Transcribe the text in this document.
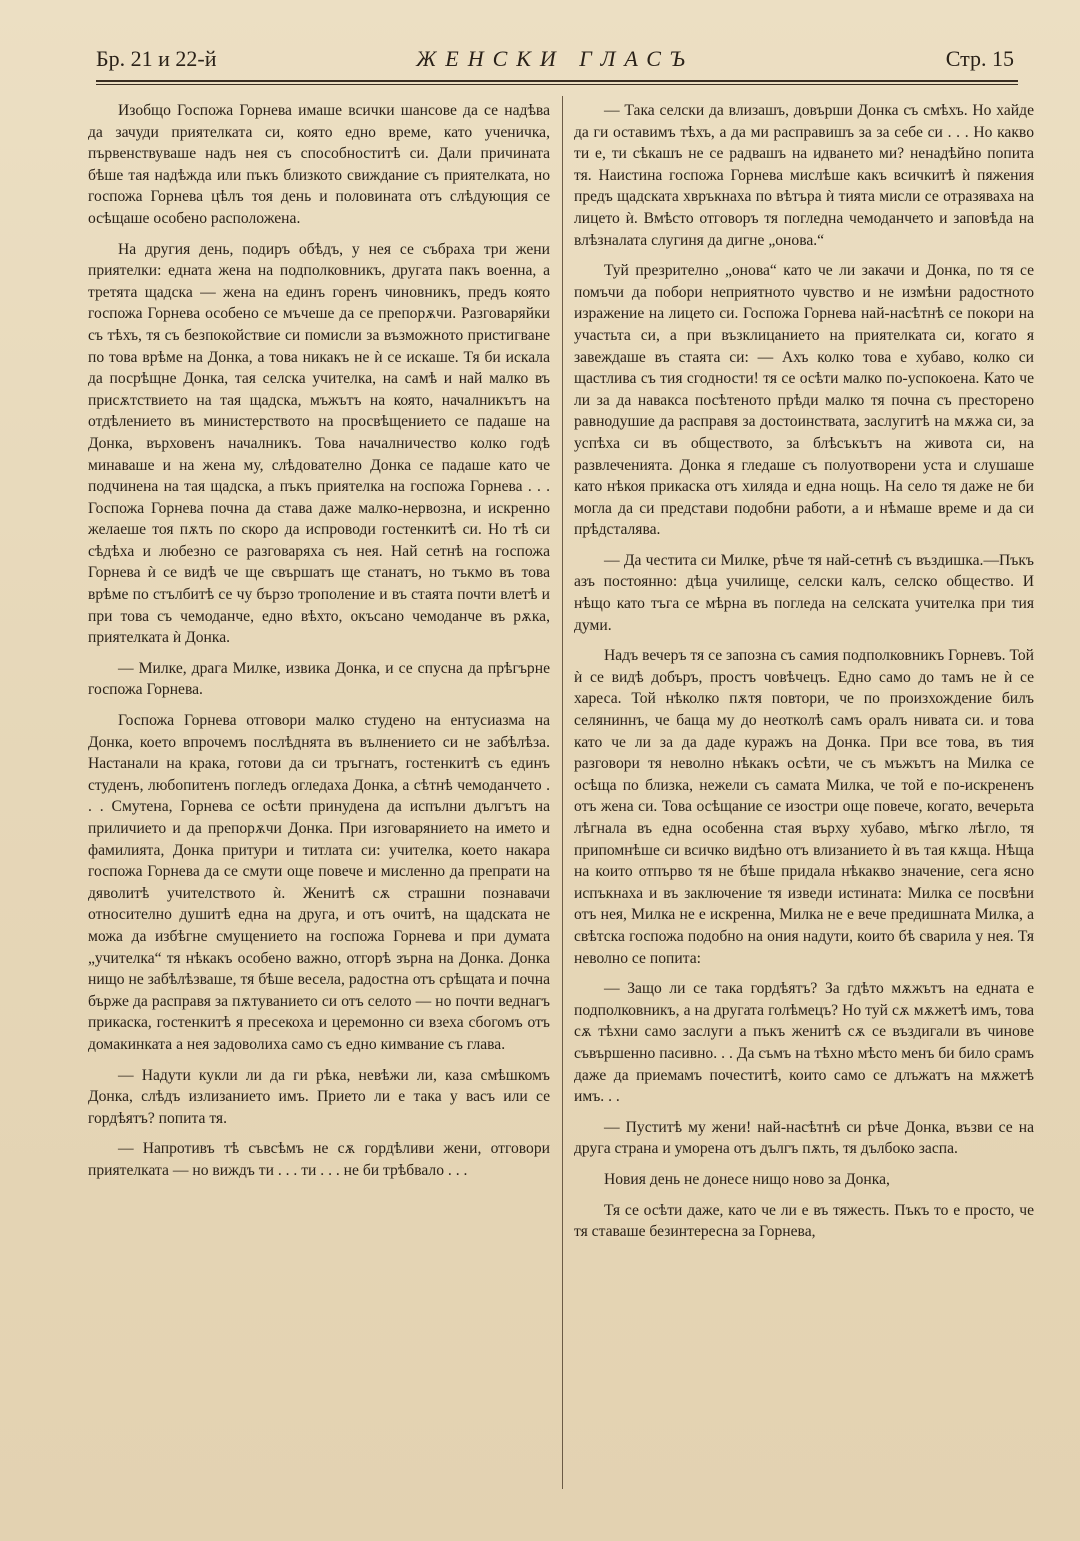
Бр. 21 и 22-й	ЖЕНСКИ ГЛАСЪ	Стр. 15

Изобщо Госпожа Горнева имаше всички шансове да се надѣва да зачуди приятелката си, която едно време, като ученичка, първенствуваше надъ нея съ способноститѣ си. Дали причината бѣше тая надѣжда или пъкъ близкото свиждание съ приятелката, но госпожа Горнева цѣлъ тоя день и половината отъ слѣдующия се осѣщаше особено расположена.

На другия день, подиръ обѣдъ, у нея се събраха три жени приятелки: едната жена на подполковникъ, другата пакъ военна, а третята щадска — жена на единъ горенъ чиновникъ, предъ която госпожа Горнева особено се мъчеше да се препорѫчи. Разговаряйки съ тѣхъ, тя съ безпокойствие си помисли за възможното пристигване по това врѣме на Донка, а това никакъ не ѝ се искаше. Тя би искала да посрѣщне Донка, тая селска учителка, на самѣ и най малко въ присѫтствието на тая щадска, мъжътъ на която, началникътъ на отдѣлението въ министерството на просвѣщението се падаше на Донка, върховенъ началникъ. Това началничество колко годѣ минаваше и на жена му, слѣдователно Донка се падаше като че подчинена на тая щадска, а пъкъ приятелка на госпожа Горнева . . . Госпожа Горнева почна да става даже малко-нервозна, и искренно желаеше тоя пѫть по скоро да испроводи гостенкитѣ си. Но тѣ си сѣдѣха и любезно се разговаряха съ нея. Най сетнѣ на госпожа Горнева ѝ се видѣ че ще свършатъ ще станатъ, но тъкмо въ това врѣме по стълбитѣ се чу бързо трополение и въ стаята почти влетѣ и при това съ чемоданче, едно вѣхто, окъсано чемоданче въ рѫка, приятелката ѝ Донка.

— Милке, драга Милке, извика Донка, и се спусна да прѣгърне госпожа Горнева.

Госпожа Горнева отговори малко студено на ентусиазма на Донка, което впрочемъ послѣднята въ вълнението си не забѣлѣза. Настанали на крака, готови да си тръгнатъ, гостенкитѣ съ единъ студенъ, любопитенъ погледъ огледаха Донка, а сѣтнѣ чемоданчето . . . Смутена, Горнева се осѣти принудена да испълни дългътъ на приличието и да препорѫчи Донка. При изговарянието на името и фамилията, Донка притури и титлата си: учителка, което накара госпожа Горнева да се смути още повече и мисленно да препрати на дяволитѣ учителството ѝ. Женитѣ сѫ страшни познавачи относително душитѣ една на друга, и отъ очитѣ, на щадската не можа да избѣгне смущението на госпожа Горнева и при думата „учителка“ тя нѣкакъ особено важно, отгорѣ зърна на Донка. Донка нищо не забѣлѣзваше, тя бѣше весела, радостна отъ срѣщата и почна бърже да расправя за пѫтуванието си отъ селото — но почти веднагъ прикаска, гостенкитѣ я пресекоха и церемонно си взеха сбогомъ отъ домакинката а нея задоволиха само съ едно кимвание съ глава.

— Надути кукли ли да ги рѣка, невѣжи ли, каза смѣшкомъ Донка, слѣдъ излизанието имъ. Прието ли е така у васъ или се гордѣятъ? попита тя.

— Напротивъ тѣ съвсѣмъ не сѫ гордѣливи жени, отговори приятелката — но виждъ ти . . . ти . . . не би трѣбвало . . .

— Така селски да влизашъ, довърши Донка съ смѣхъ. Но хайде да ги оставимъ тѣхъ, а да ми расправишъ за за себе си . . . Но какво ти е, ти сѣкашъ не се радвашъ на идването ми? ненадѣйно попита тя. Наистина госпожа Горнева мислѣше какъ всичкитѣ ѝ пяжения предъ щадската хвръкнаха по вѣтъра ѝ тията мисли се отразяваха на лицето ѝ. Вмѣсто отговоръ тя погледна чемоданчето и заповѣда на влѣзналата слугиня да дигне „онова.“

Туй презрително „онова“ като че ли закачи и Донка, по тя се помъчи да побори неприятното чувство и не измѣни радостното изражение на лицето си. Госпожа Горнева най-насѣтнѣ се покори на участьта си, а при възклицанието на приятелката си, когато я завеждаше въ стаята си: — Ахъ колко това е хубаво, колко си щастлива съ тия сгодности! тя се осѣти малко по-успокоена. Като че ли за да навакса посѣтеното прѣди малко тя почна съ престорено равнодушие да расправя за достоинствата, заслугитѣ на мѫжа си, за успѣха си въ обществото, за блѣсъкътъ на живота си, на развлеченията. Донка я гледаше съ полуотворени уста и слушаше като нѣкоя прикаска отъ хиляда и една нощь. На село тя даже не би могла да си представи подобни работи, а и нѣмаше време и да си прѣдсталява.

— Да честита си Милке, рѣче тя най-сетнѣ съ въздишка.—Пъкъ азъ постоянно: дѣца училище, селски калъ, селско общество. И нѣщо като тъга се мѣрна въ погледа на селската учителка при тия думи.

Надъ вечеръ тя се запозна съ самия подполковникъ Горневъ. Той ѝ се видѣ добъръ, простъ човѣчецъ. Едно само до тамъ не ѝ се хареса. Той нѣколко пѫтя повтори, че по произхождение билъ селяниннъ, че баща му до неотколѣ самъ оралъ нивата си. и това като че ли за да даде куражъ на Донка. При все това, въ тия разговори тя неволно нѣкакъ осѣти, че съ мъжътъ на Милка се осѣща по близка, нежели съ самата Милка, че той е по-искрененъ отъ жена си. Това осѣщание се изостри още повече, когато, вечерьта лѣгнала въ една особенна стая върху хубаво, мѣгко лѣгло, тя припомнѣше си всичко видѣно отъ влизанието ѝ въ тая кѫща. Нѣща на които отпърво тя не бѣше придала нѣкакво значение, сега ясно испъкнаха и въ заключение тя изведи истината: Милка се посвѣни отъ нея, Милка не е искренна, Милка не е вече предишната Милка, а свѣтска госпожа подобно на ония надути, които бѣ сварила у нея. Тя неволно се попита:

— Защо ли се така гордѣятъ? За гдѣто мѫжътъ на едната е подполковникъ, а на другата голѣмецъ? Но туй сѫ мѫжетѣ имъ, това сѫ тѣхни само заслуги а пъкъ женитѣ сѫ се въздигали въ чинове съвършенно пасивно. . . Да съмъ на тѣхно мѣсто менъ би било срамъ даже да приемамъ почеститѣ, които само се длъжатъ на мѫжетѣ имъ. . .

— Пуститѣ му жени! най-насѣтнѣ си рѣче Донка, възви се на друга страна и уморена отъ дългъ пѫть, тя дълбоко заспа.

Новия день не донесе нищо ново за Донка,

Тя се осѣти даже, като че ли е въ тяжесть. Пъкъ то е просто, че тя ставаше безинтересна за Горнева,
